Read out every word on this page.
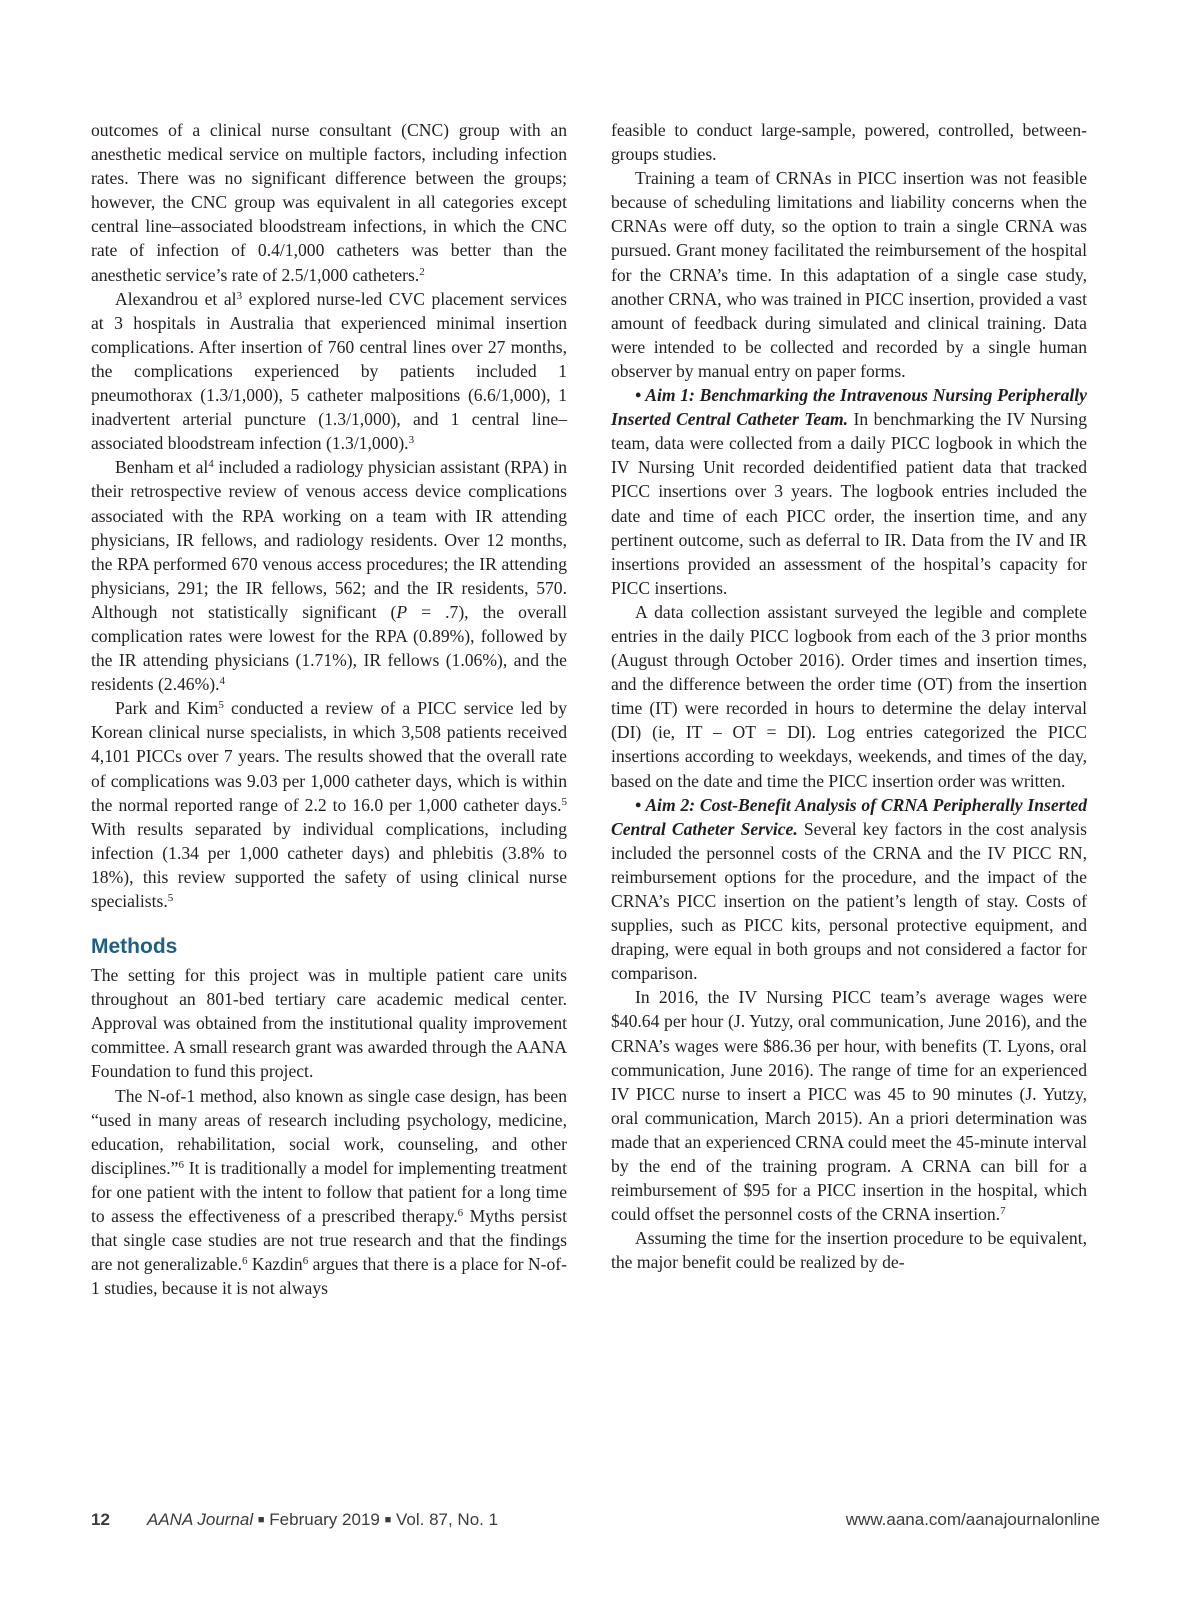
outcomes of a clinical nurse consultant (CNC) group with an anesthetic medical service on multiple factors, including infection rates. There was no significant difference between the groups; however, the CNC group was equivalent in all categories except central line–associated bloodstream infections, in which the CNC rate of infection of 0.4/1,000 catheters was better than the anesthetic service’s rate of 2.5/1,000 catheters.$^2$

Alexandrou et $al^3$ explored nurse-led CVC placement services at 3 hospitals in Australia that experienced minimal insertion complications. After insertion of 760 central lines over 27 months, the complications experienced by patients included 1 pneumothorax (1.3/1,000), 5 catheter malpositions (6.6/1,000), 1 inadvertent arterial puncture (1.3/1,000), and 1 central line–associated bloodstream infection (1.3/1,000).$^3$

Benham et $al^4$ included a radiology physician assistant (RPA) in their retrospective review of venous access device complications associated with the RPA working on a team with IR attending physicians, IR fellows, and radiology residents. Over 12 months, the RPA performed 670 venous access procedures; the IR attending physicians, 291; the IR fellows, 562; and the IR residents, 570. Although not statistically significant (P = .7), the overall complication rates were lowest for the RPA (0.89%), followed by the IR attending physicians (1.71%), IR fellows (1.06%), and the residents (2.46%).$^4$

Park and Kim$^5$ conducted a review of a PICC service led by Korean clinical nurse specialists, in which 3,508 patients received 4,101 PICCs over 7 years. The results showed that the overall rate of complications was 9.03 per 1,000 catheter days, which is within the normal reported range of 2.2 to 16.0 per 1,000 catheter days.$^5$ With results separated by individual complications, including infection (1.34 per 1,000 catheter days) and phlebitis (3.8% to 18%), this review supported the safety of using clinical nurse specialists.$^5$

Methods

The setting for this project was in multiple patient care units throughout an 801-bed tertiary care academic medical center. Approval was obtained from the institutional quality improvement committee. A small research grant was awarded through the AANA Foundation to fund this project.

The N-of-1 method, also known as single case design, has been “used in many areas of research including psychology, medicine, education, rehabilitation, social work, counseling, and other disciplines.”$^6$ It is traditionally a model for implementing treatment for one patient with the intent to follow that patient for a long time to assess the effectiveness of a prescribed therapy.$^6$ Myths persist that single case studies are not true research and that the findings are not generalizable.$^6$ Kazdin$^6$ argues that there is a place for N-of-1 studies, because it is not always

feasible to conduct large-sample, powered, controlled, between-groups studies.

Training a team of CRNAs in PICC insertion was not feasible because of scheduling limitations and liability concerns when the CRNAs were off duty, so the option to train a single CRNA was pursued. Grant money facilitated the reimbursement of the hospital for the CRNA’s time. In this adaptation of a single case study, another CRNA, who was trained in PICC insertion, provided a vast amount of feedback during simulated and clinical training. Data were intended to be collected and recorded by a single human observer by manual entry on paper forms.

• Aim 1: Benchmarking the Intravenous Nursing Peripherally Inserted Central Catheter Team. In benchmarking the IV Nursing team, data were collected from a daily PICC logbook in which the IV Nursing Unit recorded deidentified patient data that tracked PICC insertions over 3 years. The logbook entries included the date and time of each PICC order, the insertion time, and any pertinent outcome, such as deferral to IR. Data from the IV and IR insertions provided an assessment of the hospital’s capacity for PICC insertions.

A data collection assistant surveyed the legible and complete entries in the daily PICC logbook from each of the 3 prior months (August through October 2016). Order times and insertion times, and the difference between the order time (OT) from the insertion time (IT) were recorded in hours to determine the delay interval (DI) (ie, IT – OT = DI). Log entries categorized the PICC insertions according to weekdays, weekends, and times of the day, based on the date and time the PICC insertion order was written.

• Aim 2: Cost-Benefit Analysis of CRNA Peripherally Inserted Central Catheter Service. Several key factors in the cost analysis included the personnel costs of the CRNA and the IV PICC RN, reimbursement options for the procedure, and the impact of the CRNA’s PICC insertion on the patient’s length of stay. Costs of supplies, such as PICC kits, personal protective equipment, and draping, were equal in both groups and not considered a factor for comparison.

In 2016, the IV Nursing PICC team’s average wages were $40.64 per hour (J. Yutzy, oral communication, June 2016), and the CRNA’s wages were $86.36 per hour, with benefits (T. Lyons, oral communication, June 2016). The range of time for an experienced IV PICC nurse to insert a PICC was 45 to 90 minutes (J. Yutzy, oral communication, March 2015). An a priori determination was made that an experienced CRNA could meet the 45-minute interval by the end of the training program. A CRNA can bill for a reimbursement of $95 for a PICC insertion in the hospital, which could offset the personnel costs of the CRNA insertion.$^7$

Assuming the time for the insertion procedure to be equivalent, the major benefit could be realized by de-

12 AANA Journal ■ February 2019 ■ Vol. 87, No. 1	www.aana.com/aanajournalonline
